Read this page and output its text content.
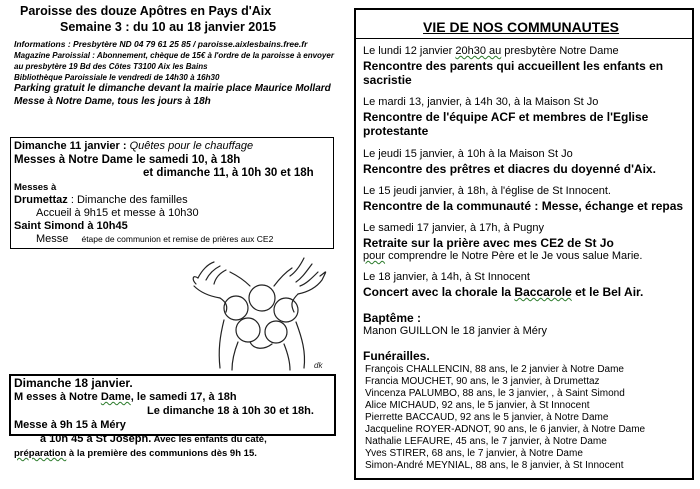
Paroisse des douze Apôtres en Pays d'Aix
Semaine 3 : du 10 au 18 janvier 2015
Informations : Presbytère ND 04 79 61 25 85 / paroisse.aixlesbains.free.fr
Magazine Paroissial : Abonnement, chèque de 15€ à l'ordre de la paroisse à envoyer
au presbytère 19 Bd des Côtes T3100 Aix les Bains
Bibliothèque Paroissiale le vendredi de 14h30 à 16h30
Parking gratuit le dimanche devant la mairie place Maurice Mollard
Messe à Notre Dame, tous les jours à 18h
Dimanche 11 janvier : Quêtes pour le chauffage
Messes à Notre Dame le samedi 10, à 18h
et dimanche 11, à 10h 30 et 18h
Messes à
Drumettaz : Dimanche des familles
Accueil à 9h15 et messe à 10h30
Saint Simond à 10h45
Messe étape de communion et remise de prières aux CE2
dk
Dimanche 18 janvier.
M esses à Notre Dame, le samedi 17, à 18h
Le dimanche 18 à 10h 30 et 18h.
Messe à 9h 15 à Méry
à 10h 45 à St Joseph. Avec les enfants du caté,
préparation à la première des communions dès 9h 15.
VIE DE NOS COMMUNAUTES
Le lundi 12 janvier 20h30 au presbytère Notre Dame
Rencontre des parents qui accueillent les enfants en
sacristie
Le mardi 13, janvier, à 14h 30, à la Maison St Jo
Rencontre de l'équipe ACF et membres de l'Eglise
protestante
Le jeudi 15 janvier, à 10h à la Maison St Jo
Rencontre des prêtres et diacres du doyenné d'Aix.
Le 15 jeudi janvier, à 18h, à l'église de St Innocent.
Rencontre de la communauté : Messe, échange et repas
Le samedi 17 janvier, à 17h, à Pugny
Retraite sur la prière avec mes CE2 de St Jo
pour comprendre le Notre Père et le Je vous salue Marie.
Le 18 janvier, à 14h, à St Innocent
Concert avec la chorale la Baccarole et le Bel Air.
Baptême :
Manon GUILLON le 18 janvier à Méry
Funérailles.
François CHALLENCIN, 88 ans, le 2 janvier à Notre Dame
Francia MOUCHET, 90 ans, le 3 janvier, à Drumettaz
Vincenza PALUMBO, 88 ans, le 3 janvier, , à Saint Simond
Alice MICHAUD, 92 ans, le 5 janvier, à St Innocent
Pierrette BACCAUD, 92 ans le 5 janvier, à Notre Dame
Jacqueline ROYER-ADNOT, 90 ans, le 6 janvier, à Notre Dame
Nathalie LEFAURE, 45 ans, le 7 janvier, à Notre Dame
Yves STIRER, 68 ans, le 7 janvier, à Notre Dame
Simon-André MEYNIAL, 88 ans, le 8 janvier, à St Innocent
